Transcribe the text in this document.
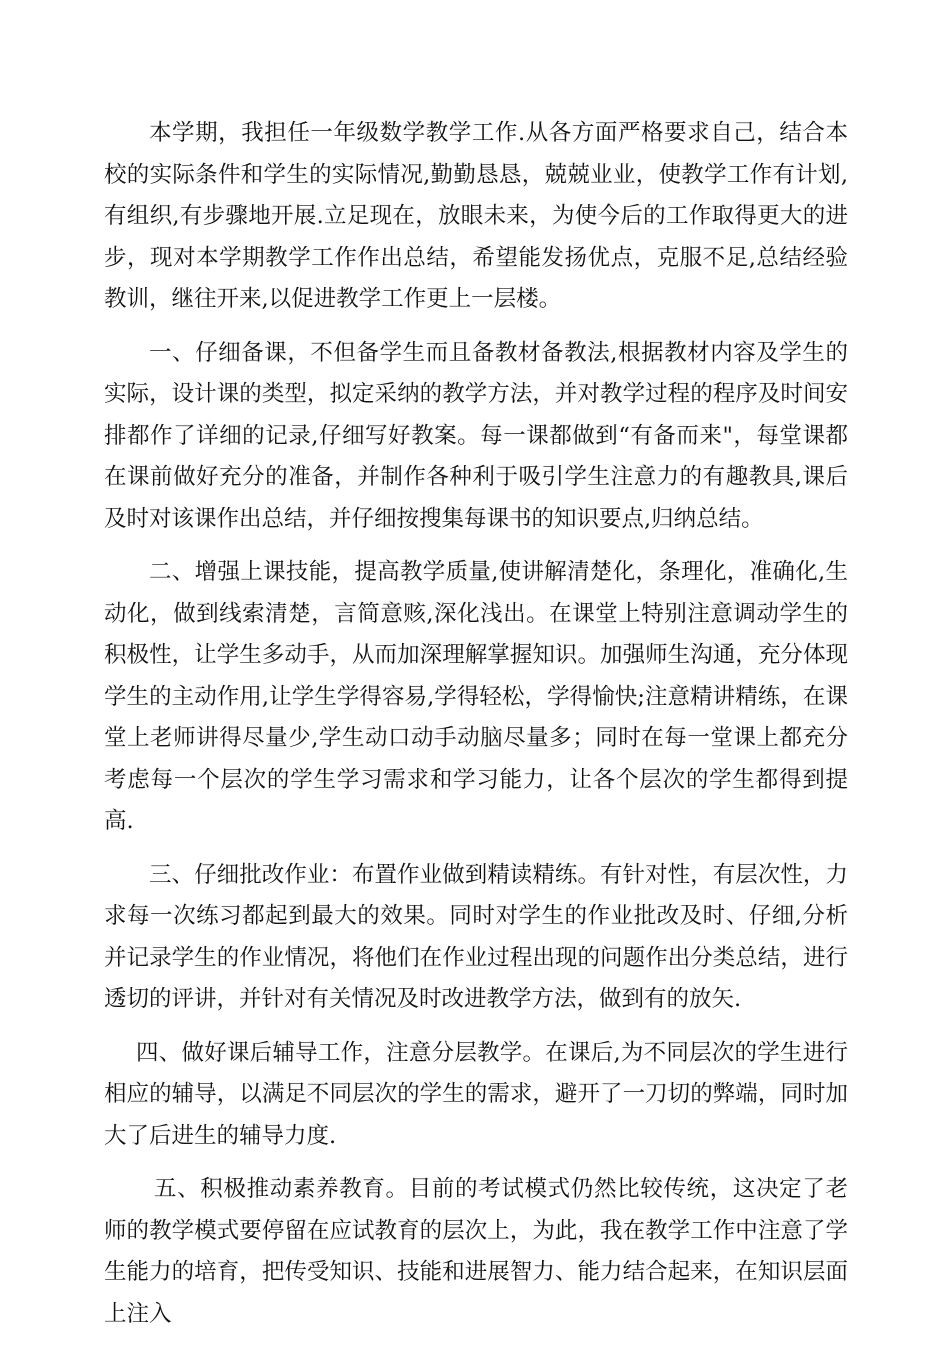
本学期，我担任一年级数学教学工作.从各方面严格要求自己，结合本校的实际条件和学生的实际情况,勤勤恳恳，兢兢业业，使教学工作有计划,有组织,有步骤地开展.立足现在，放眼未来，为使今后的工作取得更大的进步，现对本学期教学工作作出总结，希望能发扬优点，克服不足,总结经验教训，继往开来,以促进教学工作更上一层楼。

一、仔细备课，不但备学生而且备教材备教法,根据教材内容及学生的实际，设计课的类型，拟定采纳的教学方法，并对教学过程的程序及时间安排都作了详细的记录,仔细写好教案。每一课都做到“有备而来"，每堂课都在课前做好充分的准备，并制作各种利于吸引学生注意力的有趣教具,课后及时对该课作出总结，并仔细按搜集每课书的知识要点,归纳总结。

二、增强上课技能，提高教学质量,使讲解清楚化，条理化，准确化,生动化，做到线索清楚，言简意赅,深化浅出。在课堂上特别注意调动学生的积极性，让学生多动手，从而加深理解掌握知识。加强师生沟通，充分体现学生的主动作用,让学生学得容易,学得轻松，学得愉快;注意精讲精练，在课堂上老师讲得尽量少,学生动口动手动脑尽量多；同时在每一堂课上都充分考虑每一个层次的学生学习需求和学习能力，让各个层次的学生都得到提高.

三、仔细批改作业：布置作业做到精读精练。有针对性，有层次性，力求每一次练习都起到最大的效果。同时对学生的作业批改及时、仔细,分析并记录学生的作业情况，将他们在作业过程出现的问题作出分类总结，进行透切的评讲，并针对有关情况及时改进教学方法，做到有的放矢.

四、做好课后辅导工作，注意分层教学。在课后,为不同层次的学生进行相应的辅导，以满足不同层次的学生的需求，避开了一刀切的弊端，同时加大了后进生的辅导力度.

五、积极推动素养教育。目前的考试模式仍然比较传统，这决定了老师的教学模式要停留在应试教育的层次上，为此，我在教学工作中注意了学生能力的培育，把传受知识、技能和进展智力、能力结合起来，在知识层面上注入
